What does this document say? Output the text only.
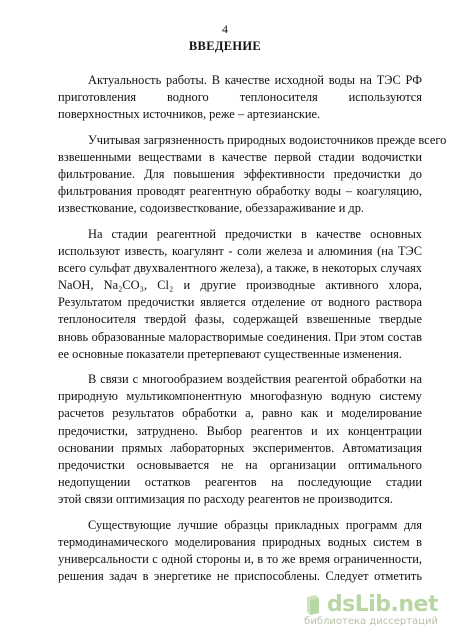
4
ВВЕДЕНИЕ
Актуальность работы. В качестве исходной воды на ТЭС РФ
приготовления водного теплоносителя используются
поверхностных источников, реже – артезианские.
Учитывая загрязненность природных водоисточников прежде всего
взвешенными веществами в качестве первой стадии водочистки
фильтрование. Для повышения эффективности предочистки до
фильтрования проводят реагентную обработку воды – коагуляцию,
известкование, содоизвесткование, обеззараживание и др.
На стадии реагентной предочистки в качестве основных
используют известь, коагулянт - соли железа и алюминия (на ТЭС
всего сульфат двухвалентного железа), а также, в некоторых случаях
NaOH, Na₂CO₃, Cl₂ и другие производные активного хлора,
Результатом предочистки является отделение от водного раствора
теплоносителя твердой фазы, содержащей взвешенные твердые
вновь образованные малорастворимые соединения. При этом состав
ее основные показатели претерпевают существенные изменения.
В связи с многообразием воздействия реагентой обработки на
природную мультикомпонентную многофазную водную систему
расчетов результатов обработки а, равно как и моделирование
предочистки, затруднено. Выбор реагентов и их концентрации
основании прямых лабораторных экспериментов. Автоматизация
предочистки основывается не на организации оптимального
недопущении остатков реагентов на последующие стадии
этой связи оптимизация по расходу реагентов не производится.
Существующие лучшие образцы прикладных программ для
термодинамического моделирования природных водных систем в
универсальности с одной стороны и, в то же время ограниченности,
решения задач в энергетике не приспособлены. Следует отметить
dsLib.net
библиотека диссертаций
